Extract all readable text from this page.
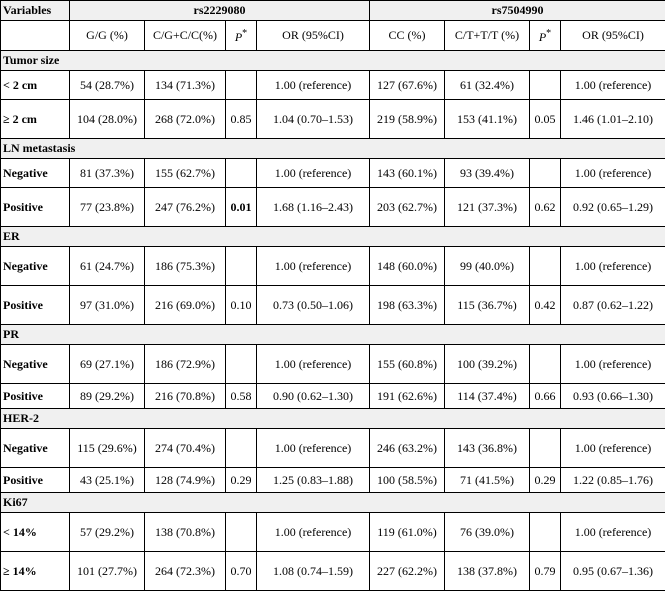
Variables	rs2229080				rs7504990			
	G/G (%)	C/G+C/C(%)	P*	OR (95%CI)	CC (%)	C/T+T/T (%)	P*	OR (95%CI)
Tumor size								
< 2 cm	54 (28.7%)	134 (71.3%)		1.00 (reference)	127 (67.6%)	61 (32.4%)		1.00 (reference)
≥ 2 cm	104 (28.0%)	268 (72.0%)	0.85	1.04 (0.70–1.53)	219 (58.9%)	153 (41.1%)	0.05	1.46 (1.01–2.10)
LN metastasis								
Negative	81 (37.3%)	155 (62.7%)		1.00 (reference)	143 (60.1%)	93 (39.4%)		1.00 (reference)
Positive	77 (23.8%)	247 (76.2%)	0.01	1.68 (1.16–2.43)	203 (62.7%)	121 (37.3%)	0.62	0.92 (0.65–1.29)
ER								
Negative	61 (24.7%)	186 (75.3%)		1.00 (reference)	148 (60.0%)	99 (40.0%)		1.00 (reference)
Positive	97 (31.0%)	216 (69.0%)	0.10	0.73 (0.50–1.06)	198 (63.3%)	115 (36.7%)	0.42	0.87 (0.62–1.22)
PR								
Negative	69 (27.1%)	186 (72.9%)		1.00 (reference)	155 (60.8%)	100 (39.2%)		1.00 (reference)
Positive	89 (29.2%)	216 (70.8%)	0.58	0.90 (0.62–1.30)	191 (62.6%)	114 (37.4%)	0.66	0.93 (0.66–1.30)
HER-2								
Negative	115 (29.6%)	274 (70.4%)		1.00 (reference)	246 (63.2%)	143 (36.8%)		1.00 (reference)
Positive	43 (25.1%)	128 (74.9%)	0.29	1.25 (0.83–1.88)	100 (58.5%)	71 (41.5%)	0.29	1.22 (0.85–1.76)
Ki67								
< 14%	57 (29.2%)	138 (70.8%)		1.00 (reference)	119 (61.0%)	76 (39.0%)		1.00 (reference)
≥ 14%	101 (27.7%)	264 (72.3%)	0.70	1.08 (0.74–1.59)	227 (62.2%)	138 (37.8%)	0.79	0.95 (0.67–1.36)
